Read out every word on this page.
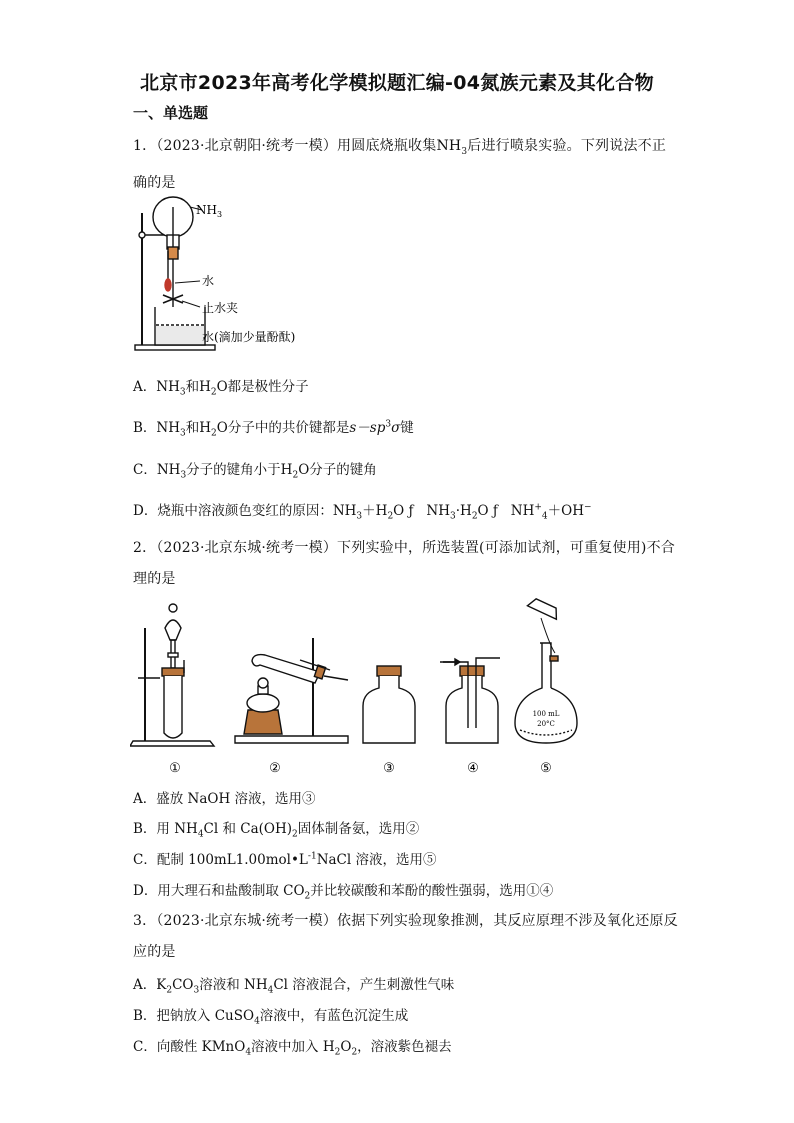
北京市2023年高考化学模拟题汇编-04氮族元素及其化合物
一、单选题
1．（2023·北京朝阳·统考一模）用圆底烧瓶收集$NH_3$后进行喷泉实验。下列说法不正
确的是
$NH_3$
水
止水夹
水(滴加少量酚酞)
A．$NH_3$和$H_2O$都是极性分子
B．$NH_3$和$H_2O$分子中的共价键都是$s-sp^3\sigma$键
C．$NH_3$分子的键角小于$H_2O$分子的键角
D．烧瓶中溶液颜色变红的原因：$NH_3+H_2O$ ƒ   $NH_3\cdot H_2O$ ƒ   $NH^+_4+OH^-$
2．（2023·北京东城·统考一模）下列实验中，所选装置(可添加试剂，可重复使用)不合
理的是
100 mL
20°C
①	②	③	④	⑤
A．盛放 NaOH 溶液，选用③
B．用 $NH_4Cl$ 和 $Ca(OH)_2$固体制备氨，选用②
C．配制 $100mL1.00mol•L^{-1}NaCl$ 溶液，选用⑤
D．用大理石和盐酸制取 $CO_2$并比较碳酸和苯酚的酸性强弱，选用①④
3．（2023·北京东城·统考一模）依据下列实验现象推测，其反应原理不涉及氧化还原反
应的是
A．$K_2CO_3$溶液和 $NH_4Cl$ 溶液混合，产生刺激性气味
B．把钠放入 CuSO$_4$溶液中，有蓝色沉淀生成
C．向酸性 KMnO$_4$溶液中加入 $H_2O_2$，溶液紫色褪去
